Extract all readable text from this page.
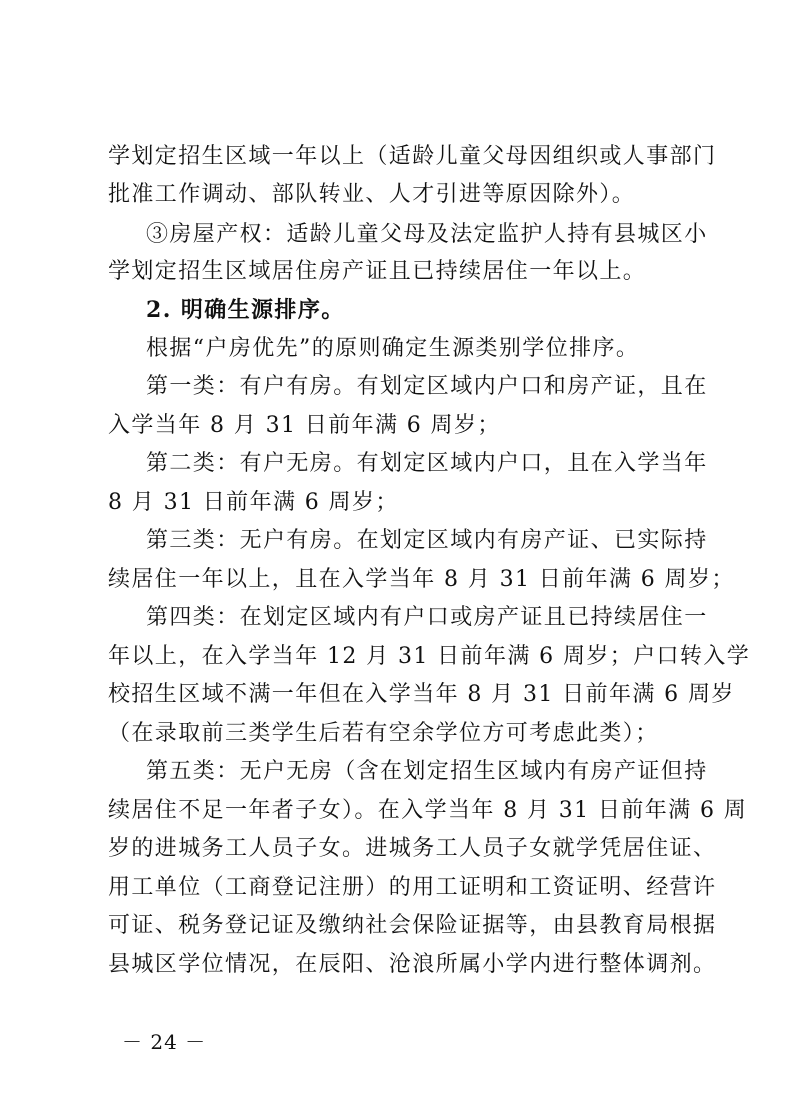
学划定招生区域一年以上（适龄儿童父母因组织或人事部门
批准工作调动、部队转业、人才引进等原因除外）。
③房屋产权：适龄儿童父母及法定监护人持有县城区小
学划定招生区域居住房产证且已持续居住一年以上。
2. 明确生源排序。
根据“户房优先”的原则确定生源类别学位排序。
第一类：有户有房。有划定区域内户口和房产证，且在
入学当年 8 月 31 日前年满 6 周岁；
第二类：有户无房。有划定区域内户口，且在入学当年
8 月 31 日前年满 6 周岁；
第三类：无户有房。在划定区域内有房产证、已实际持
续居住一年以上，且在入学当年 8 月 31 日前年满 6 周岁；
第四类：在划定区域内有户口或房产证且已持续居住一
年以上，在入学当年 12 月 31 日前年满 6 周岁；户口转入学
校招生区域不满一年但在入学当年 8 月 31 日前年满 6 周岁
（在录取前三类学生后若有空余学位方可考虑此类）；
第五类：无户无房（含在划定招生区域内有房产证但持
续居住不足一年者子女）。在入学当年 8 月 31 日前年满 6 周
岁的进城务工人员子女。进城务工人员子女就学凭居住证、
用工单位（工商登记注册）的用工证明和工资证明、经营许
可证、税务登记证及缴纳社会保险证据等，由县教育局根据
县城区学位情况，在辰阳、沧浪所属小学内进行整体调剂。
－ 24 －
